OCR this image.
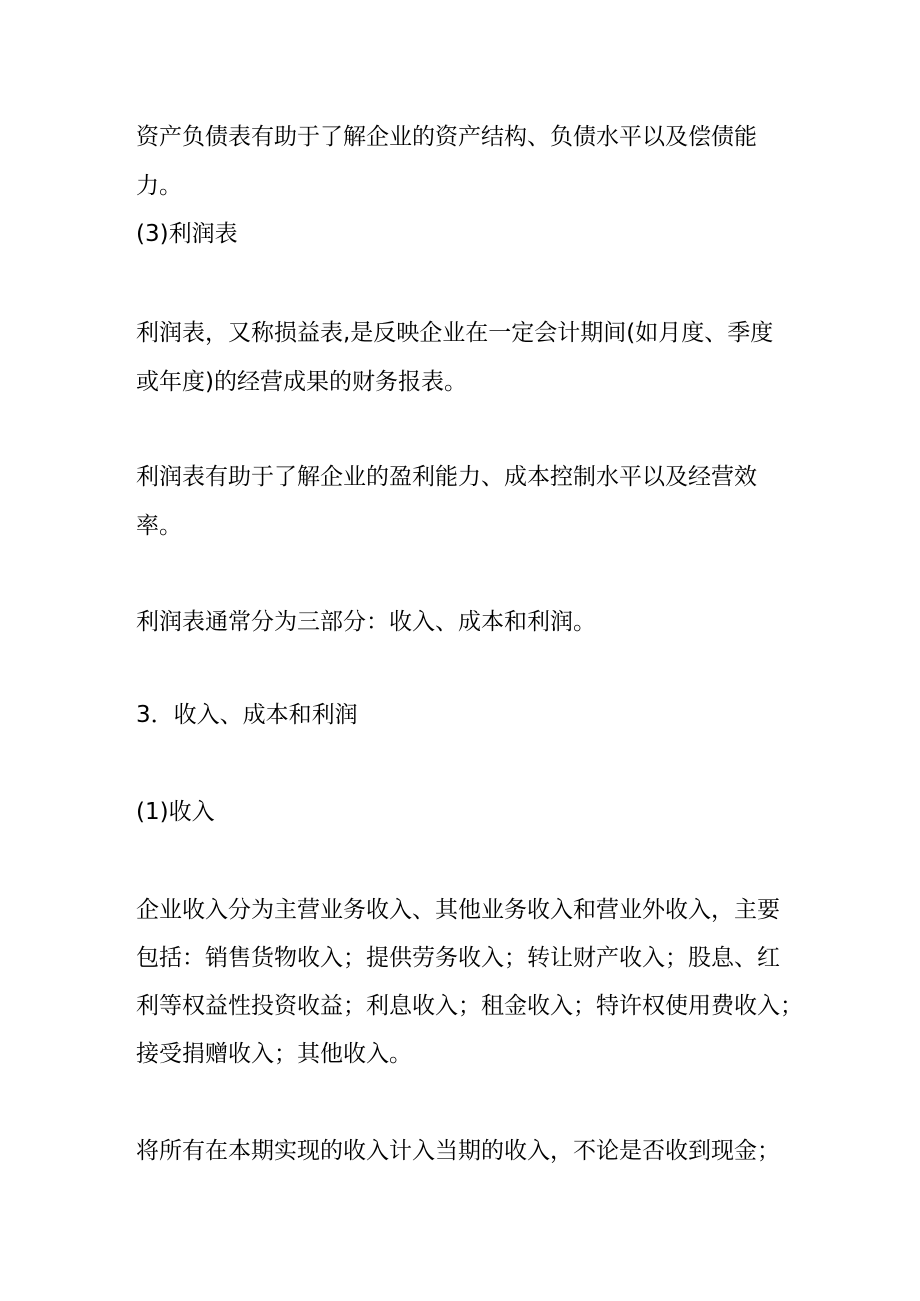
资产负债表有助于了解企业的资产结构、负债水平以及偿债能
力。
(3)利润表
利润表，又称损益表,是反映企业在一定会计期间(如月度、季度
或年度)的经营成果的财务报表。
利润表有助于了解企业的盈利能力、成本控制水平以及经营效
率。
利润表通常分为三部分：收入、成本和利润。
3．收入、成本和利润
(1)收入
企业收入分为主营业务收入、其他业务收入和营业外收入，主要
包括：销售货物收入；提供劳务收入；转让财产收入；股息、红
利等权益性投资收益；利息收入；租金收入；特许权使用费收入；
接受捐赠收入；其他收入。
将所有在本期实现的收入计入当期的收入，不论是否收到现金；
